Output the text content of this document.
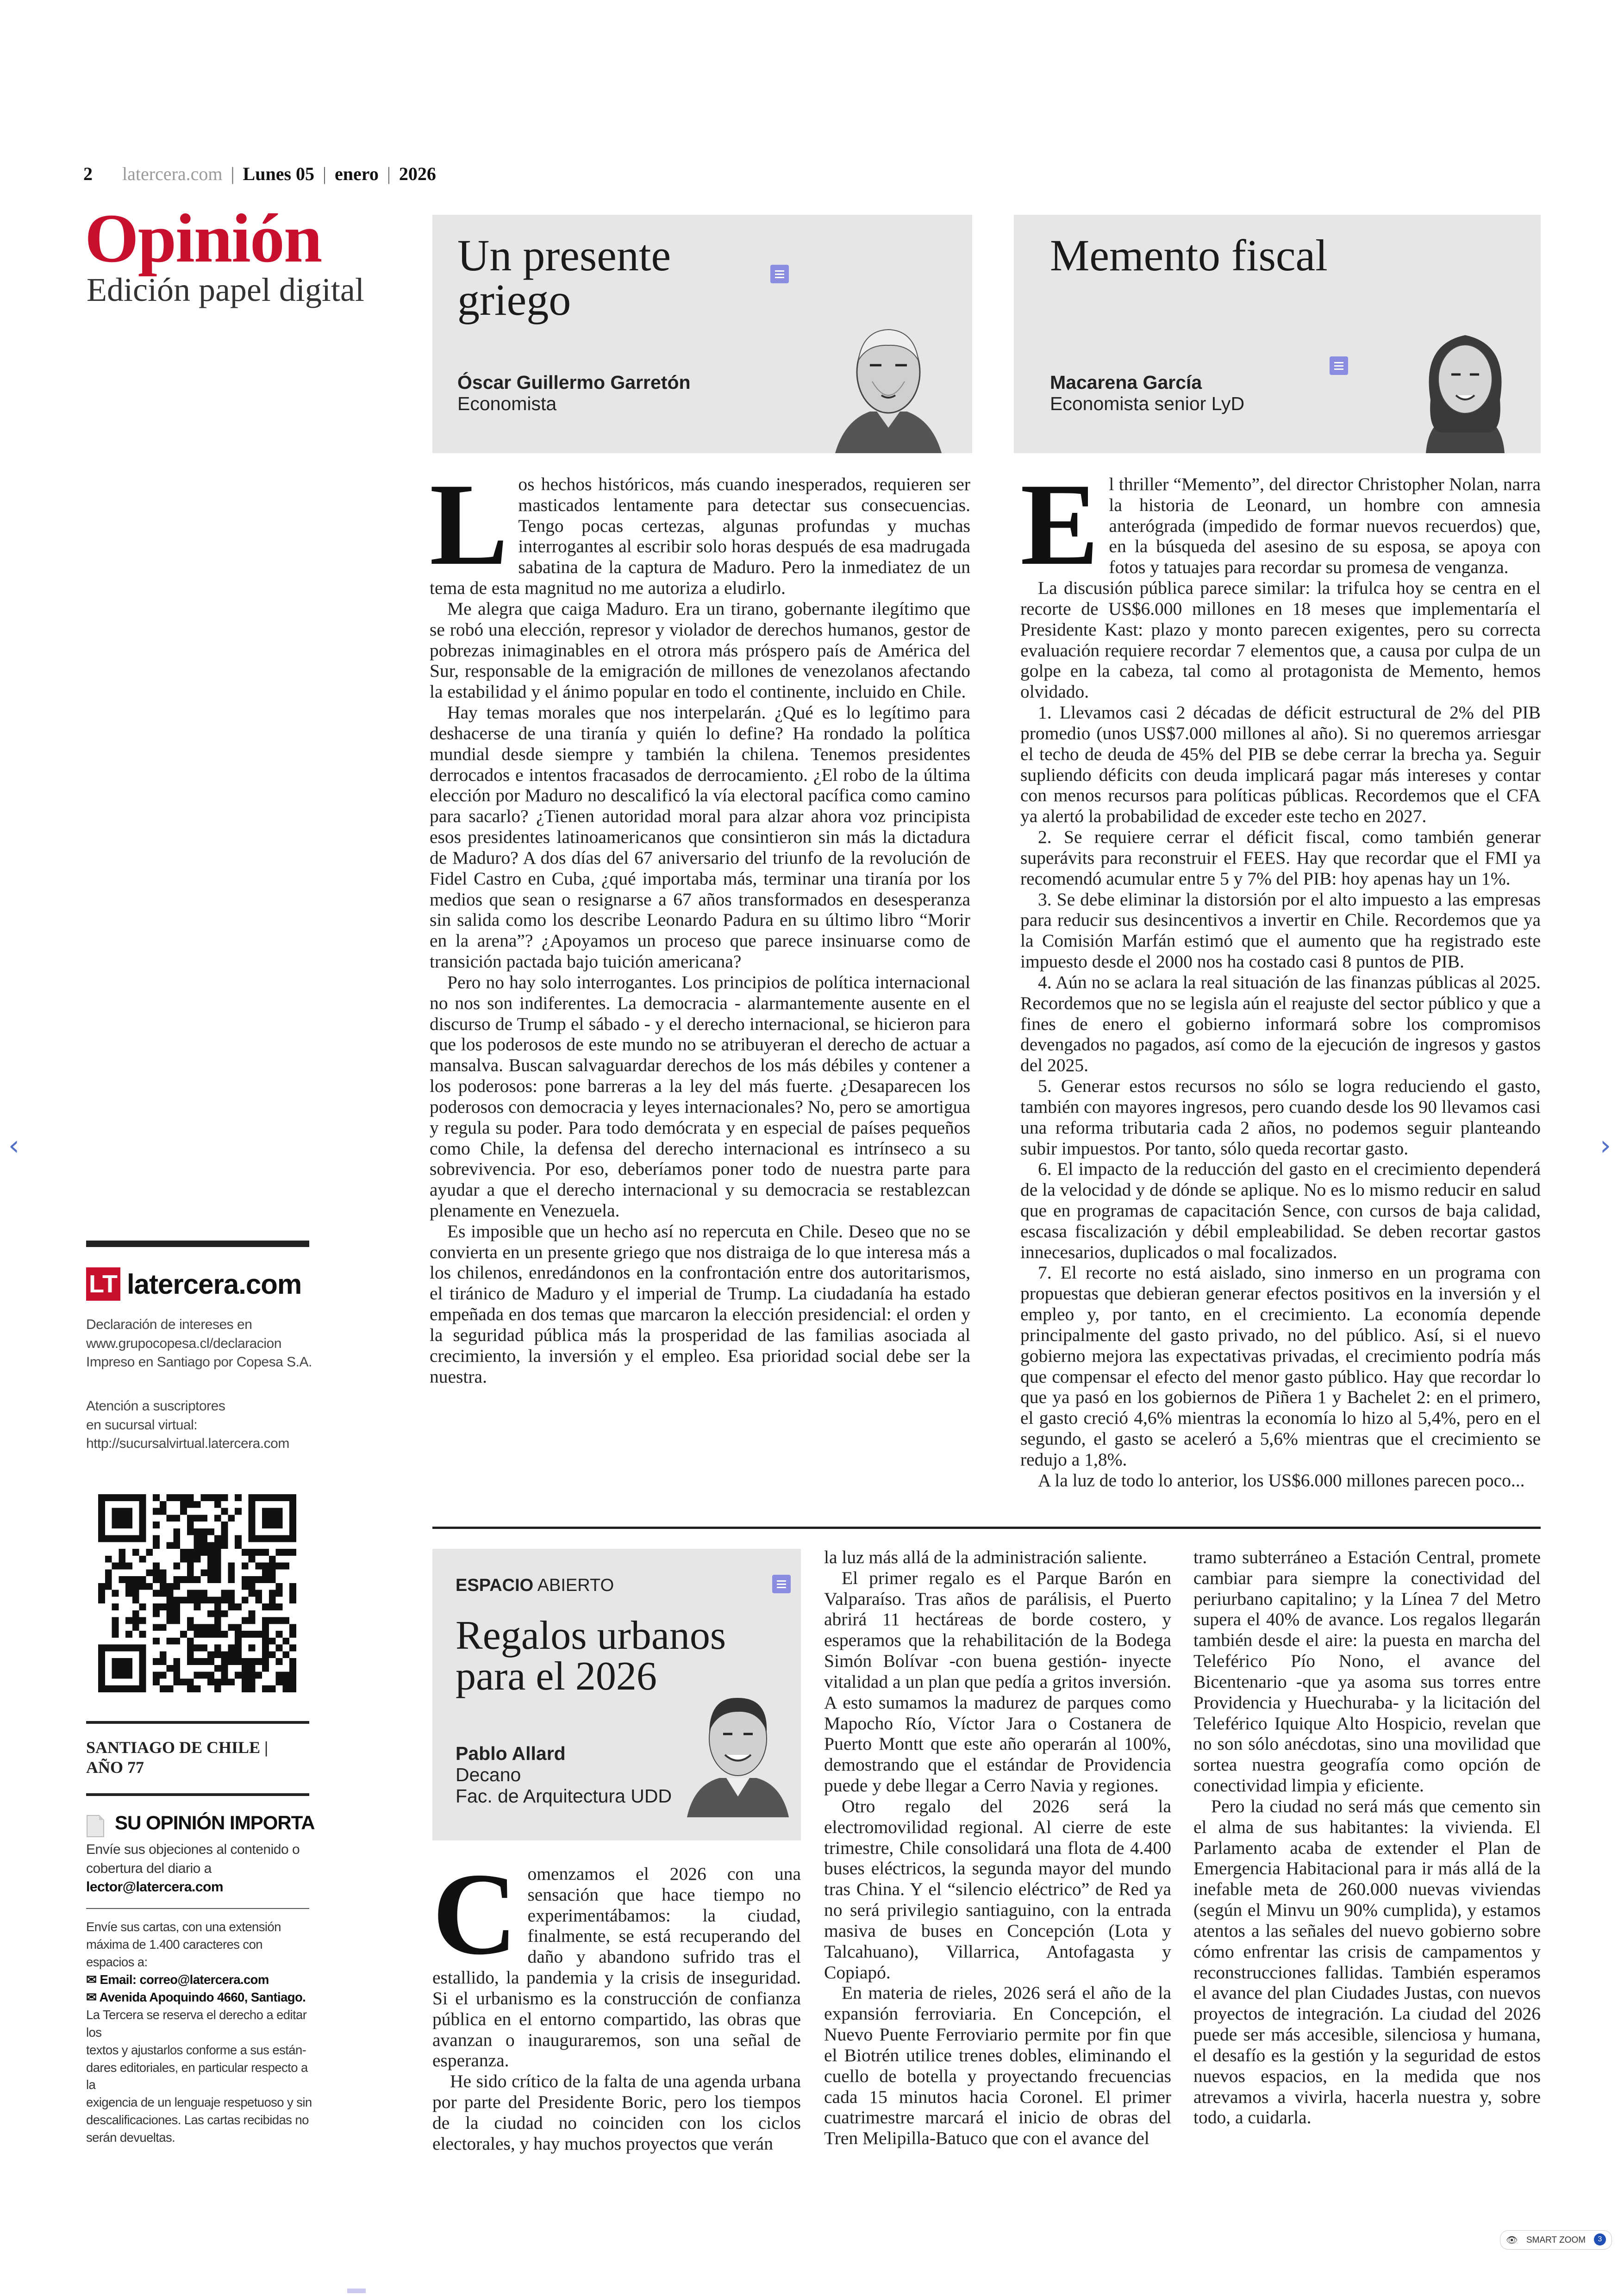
2 latercera.com | Lunes 05 | enero | 2026
Opinión
Edición papel digital
Un presente
griego
Óscar Guillermo Garretón
Economista
Memento fiscal
Macarena García
Economista senior LyD
L os hechos históricos, más cuando inesperados, requieren ser masticados lentamente para detectar sus consecuencias. Tengo pocas certezas, algunas profundas y muchas interrogantes al escribir solo horas después de esa madrugada sabatina de la captura de Maduro. Pero la inmediatez de un tema de esta magnitud no me autoriza a eludirlo.

Me alegra que caiga Maduro. Era un tirano, gobernante ilegítimo que se robó una elección, represor y violador de derechos humanos, gestor de pobrezas inimaginables en el otrora más próspero país de América del Sur, responsable de la emigración de millones de venezolanos afectando la estabilidad y el ánimo popular en todo el continente, incluido en Chile.

Hay temas morales que nos interpelarán. ¿Qué es lo legítimo para deshacerse de una tiranía y quién lo define? Ha rondado la política mundial desde siempre y también la chilena. Tenemos presidentes derrocados e intentos fracasados de derrocamiento. ¿El robo de la última elección por Maduro no descalificó la vía electoral pacífica como camino para sacarlo? ¿Tienen autoridad moral para alzar ahora voz principista esos presidentes latinoamericanos que consintieron sin más la dictadura de Maduro? A dos días del 67 aniversario del triunfo de la revolución de Fidel Castro en Cuba, ¿qué importaba más, terminar una tiranía por los medios que sean o resignarse a 67 años transformados en desesperanza sin salida como los describe Leonardo Padura en su último libro “Morir en la arena”? ¿Apoyamos un proceso que parece insinuarse como de transición pactada bajo tuición americana?

Pero no hay solo interrogantes. Los principios de política internacional no nos son indiferentes. La democracia - alarmantemente ausente en el discurso de Trump el sábado - y el derecho internacional, se hicieron para que los poderosos de este mundo no se atribuyeran el derecho de actuar a mansalva. Buscan salvaguardar derechos de los más débiles y contener a los poderosos: pone barreras a la ley del más fuerte. ¿Desaparecen los poderosos con democracia y leyes internacionales? No, pero se amortigua y regula su poder. Para todo demócrata y en especial de países pequeños como Chile, la defensa del derecho internacional es intrínseco a su sobrevivencia. Por eso, deberíamos poner todo de nuestra parte para ayudar a que el derecho internacional y su democracia se restablezcan plenamente en Venezuela.

Es imposible que un hecho así no repercuta en Chile. Deseo que no se convierta en un presente griego que nos distraiga de lo que interesa más a los chilenos, enredándonos en la confrontación entre dos autoritarismos, el tiránico de Maduro y el imperial de Trump. La ciudadanía ha estado empeñada en dos temas que marcaron la elección presidencial: el orden y la seguridad pública más la prosperidad de las familias asociada al crecimiento, la inversión y el empleo. Esa prioridad social debe ser la nuestra.

E l thriller “Memento”, del director Christopher Nolan, narra la historia de Leonard, un hombre con amnesia anterógrada (impedido de formar nuevos recuerdos) que, en la búsqueda del asesino de su esposa, se apoya con fotos y tatuajes para recordar su promesa de venganza.

La discusión pública parece similar: la trifulca hoy se centra en el recorte de US$6.000 millones en 18 meses que implementaría el Presidente Kast: plazo y monto parecen exigentes, pero su correcta evaluación requiere recordar 7 elementos que, a causa por culpa de un golpe en la cabeza, tal como al protagonista de Memento, hemos olvidado.

1. Llevamos casi 2 décadas de déficit estructural de 2% del PIB promedio (unos US$7.000 millones al año). Si no queremos arriesgar el techo de deuda de 45% del PIB se debe cerrar la brecha ya. Seguir supliendo déficits con deuda implicará pagar más intereses y contar con menos recursos para políticas públicas. Recordemos que el CFA ya alertó la probabilidad de exceder este techo en 2027.

2. Se requiere cerrar el déficit fiscal, como también generar superávits para reconstruir el FEES. Hay que recordar que el FMI ya recomendó acumular entre 5 y 7% del PIB: hoy apenas hay un 1%.

3. Se debe eliminar la distorsión por el alto impuesto a las empresas para reducir sus desincentivos a invertir en Chile. Recordemos que ya la Comisión Marfán estimó que el aumento que ha registrado este impuesto desde el 2000 nos ha costado casi 8 puntos de PIB.

4. Aún no se aclara la real situación de las finanzas públicas al 2025. Recordemos que no se legisla aún el reajuste del sector público y que a fines de enero el gobierno informará sobre los compromisos devengados no pagados, así como de la ejecución de ingresos y gastos del 2025.

5. Generar estos recursos no sólo se logra reduciendo el gasto, también con mayores ingresos, pero cuando desde los 90 llevamos casi una reforma tributaria cada 2 años, no podemos seguir planteando subir impuestos. Por tanto, sólo queda recortar gasto.

6. El impacto de la reducción del gasto en el crecimiento dependerá de la velocidad y de dónde se aplique. No es lo mismo reducir en salud que en programas de capacitación Sence, con cursos de baja calidad, escasa fiscalización y débil empleabilidad. Se deben recortar gastos innecesarios, duplicados o mal focalizados.

7. El recorte no está aislado, sino inmerso en un programa con propuestas que debieran generar efectos positivos en la inversión y el empleo y, por tanto, en el crecimiento. La economía depende principalmente del gasto privado, no del público. Así, si el nuevo gobierno mejora las expectativas privadas, el crecimiento podría más que compensar el efecto del menor gasto público. Hay que recordar lo que ya pasó en los gobiernos de Piñera 1 y Bachelet 2: en el primero, el gasto creció 4,6% mientras la economía lo hizo al 5,4%, pero en el segundo, el gasto se aceleró a 5,6% mientras que el crecimiento se redujo a 1,8%.

A la luz de todo lo anterior, los US$6.000 millones parecen poco...

ESPACIO ABIERTO
Regalos urbanos
para el 2026
Pablo Allard
Decano
Fac. de Arquitectura UDD
C omenzamos el 2026 con una sensación que hace tiempo no experimentábamos: la ciudad, finalmente, se está recuperando del daño y abandono sufrido tras el estallido, la pandemia y la crisis de inseguridad. Si el urbanismo es la construcción de confianza pública en el entorno compartido, las obras que avanzan o inauguraremos, son una señal de esperanza.

He sido crítico de la falta de una agenda urbana por parte del Presidente Boric, pero los tiempos de la ciudad no coinciden con los ciclos electorales, y hay muchos proyectos que verán

la luz más allá de la administración saliente.

El primer regalo es el Parque Barón en Valparaíso. Tras años de parálisis, el Puerto abrirá 11 hectáreas de borde costero, y esperamos que la rehabilitación de la Bodega Simón Bolívar -con buena gestión- inyecte vitalidad a un plan que pedía a gritos inversión. A esto sumamos la madurez de parques como Mapocho Río, Víctor Jara o Costanera de Puerto Montt que este año operarán al 100%, demostrando que el estándar de Providencia puede y debe llegar a Cerro Navia y regiones.

Otro regalo del 2026 será la electromovilidad regional. Al cierre de este trimestre, Chile consolidará una flota de 4.400 buses eléctricos, la segunda mayor del mundo tras China. Y el “silencio eléctrico” de Red ya no será privilegio santiaguino, con la entrada masiva de buses en Concepción (Lota y Talcahuano), Villarrica, Antofagasta y Copiapó.

En materia de rieles, 2026 será el año de la expansión ferroviaria. En Concepción, el Nuevo Puente Ferroviario permite por fin que el Biotrén utilice trenes dobles, eliminando el cuello de botella y proyectando frecuencias cada 15 minutos hacia Coronel. El primer cuatrimestre marcará el inicio de obras del Tren Melipilla-Batuco que con el avance del

tramo subterráneo a Estación Central, promete cambiar para siempre la conectividad del periurbano capitalino; y la Línea 7 del Metro supera el 40% de avance. Los regalos llegarán también desde el aire: la puesta en marcha del Teleférico Pío Nono, el avance del Bicentenario -que ya asoma sus torres entre Providencia y Huechuraba- y la licitación del Teleférico Iquique Alto Hospicio, revelan que no son sólo anécdotas, sino una movilidad que sortea nuestra geografía como opción de conectividad limpia y eficiente.

Pero la ciudad no será más que cemento sin el alma de sus habitantes: la vivienda. El Parlamento acaba de extender el Plan de Emergencia Habitacional para ir más allá de la inefable meta de 260.000 nuevas viviendas (según el Minvu un 90% cumplida), y estamos atentos a las señales del nuevo gobierno sobre cómo enfrentar las crisis de campamentos y reconstrucciones fallidas. También esperamos el avance del plan Ciudades Justas, con nuevos proyectos de integración. La ciudad del 2026 puede ser más accesible, silenciosa y humana, el desafío es la gestión y la seguridad de estos nuevos espacios, en la medida que nos atrevamos a vivirla, hacerla nuestra y, sobre todo, a cuidarla.

LT latercera.com
Declaración de intereses en
www.grupocopesa.cl/declaracion
Impreso en Santiago por Copesa S.A.
Atención a suscriptores
en sucursal virtual:
http://sucursalvirtual.latercera.com
SANTIAGO DE CHILE |
AÑO 77
SU OPINIÓN IMPORTA
Envíe sus objeciones al contenido o
cobertura del diario a
lector@latercera.com
Envíe sus cartas, con una extensión
máxima de 1.400 caracteres con
espacios a:
✉ Email: correo@latercera.com
✉ Avenida Apoquindo 4660, Santiago.
La Tercera se reserva el derecho a editar los
textos y ajustarlos conforme a sus están-
dares editoriales, en particular respecto a la
exigencia de un lenguaje respetuoso y sin
descalificaciones. Las cartas recibidas no
serán devueltas.
‹	›
👁 SMART ZOOM	3
